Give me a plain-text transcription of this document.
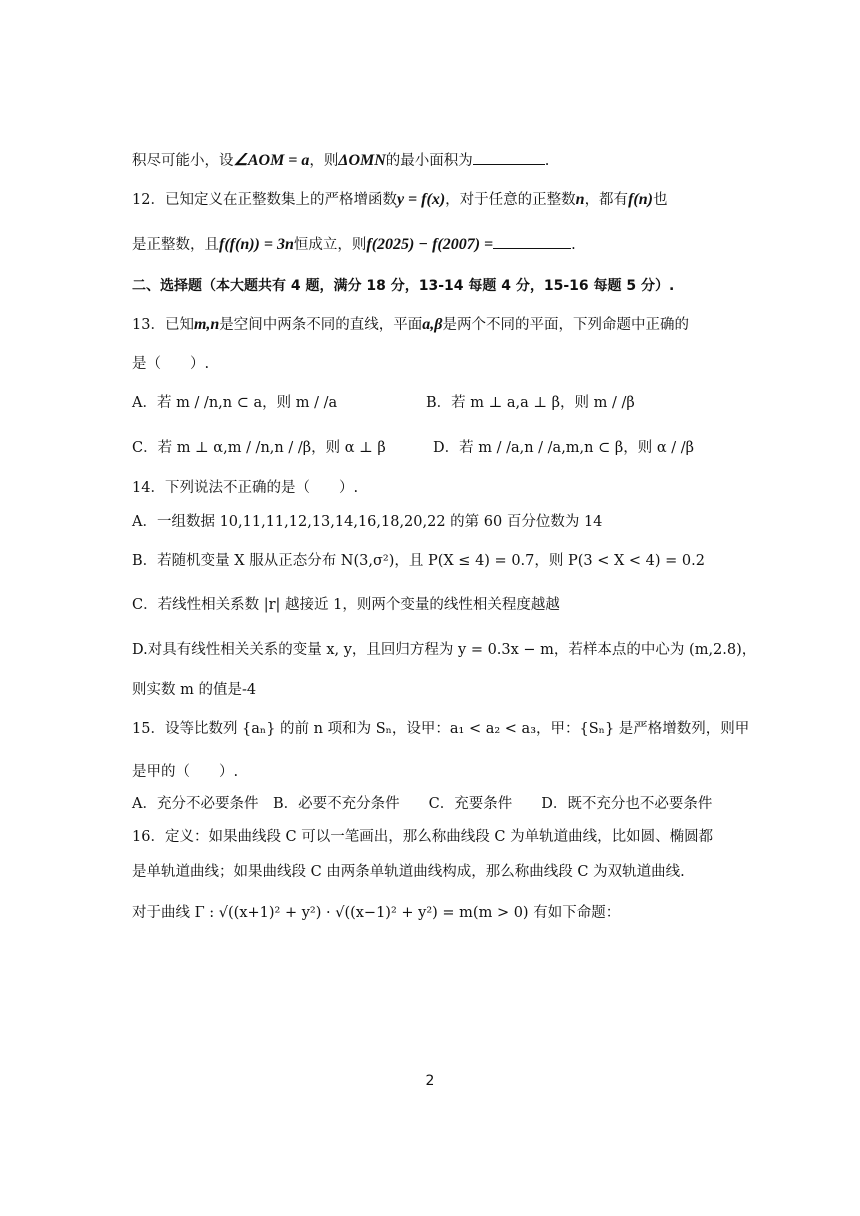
积尽可能小，设∠AOM = a，则ΔOMN的最小面积为	.
12．已知定义在正整数集上的严格增函数y = f(x)，对于任意的正整数n，都有f(n)也
是正整数，且f(f(n)) = 3n恒成立，则f(2025) − f(2007) =	.
二、选择题（本大题共有 4 题，满分 18 分，13-14 每题 4 分，15-16 每题 5 分）.
13．已知m,n是空间中两条不同的直线，平面a,β是两个不同的平面，下列命题中正确的
是（　　）.
A．若 m / /n,n ⊂ a，则 m / /a	B．若 m ⊥ a,a ⊥ β，则 m / /β
C．若 m ⊥ α,m / /n,n / /β，则 α ⊥ β	D．若 m / /a,n / /a,m,n ⊂ β，则 α / /β
14．下列说法不正确的是（　　）.
A．一组数据 10,11,11,12,13,14,16,18,20,22 的第 60 百分位数为 14
B．若随机变量 X 服从正态分布 N(3,σ²)，且 P(X ≤ 4) = 0.7，则 P(3 < X < 4) = 0.2
C．若线性相关系数 |r| 越接近 1，则两个变量的线性相关程度越越
D.对具有线性相关关系的变量 x, y，且回归方程为 y = 0.3x − m，若样本点的中心为 (m,2.8)，
则实数 m 的值是-4
15．设等比数列 {aₙ} 的前 n 项和为 Sₙ，设甲：a₁ < a₂ < a₃，甲：{Sₙ} 是严格增数列，则甲
是甲的（　　）.
A．充分不必要条件　B．必要不充分条件　　C．充要条件　　D．既不充分也不必要条件
16．定义：如果曲线段 C 可以一笔画出，那么称曲线段 C 为单轨道曲线，比如圆、椭圆都
是单轨道曲线；如果曲线段 C 由两条单轨道曲线构成，那么称曲线段 C 为双轨道曲线.
对于曲线 Γ : √((x+1)² + y²) · √((x−1)² + y²) = m(m > 0) 有如下命题：
2
